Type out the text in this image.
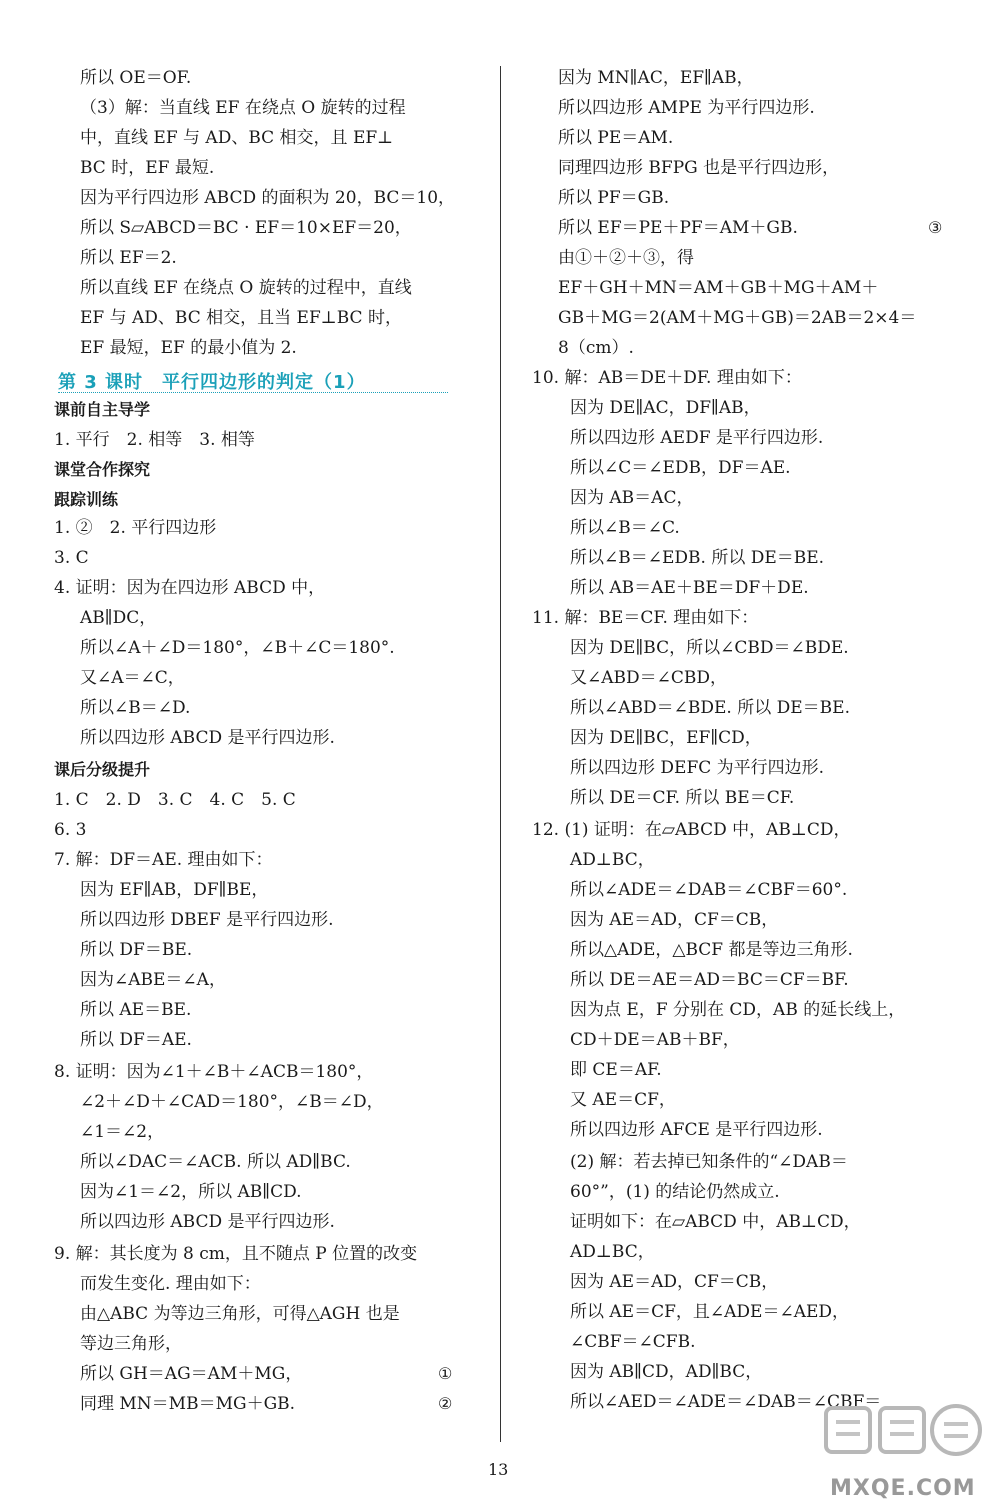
所以 OE＝OF.
（3）解：当直线 EF 在绕点 O 旋转的过程
中，直线 EF 与 AD、BC 相交，且 EF⊥
BC 时，EF 最短.
因为平行四边形 ABCD 的面积为 20，BC＝10，
所以 S▱ABCD＝BC · EF＝10×EF＝20，
所以 EF＝2.
所以直线 EF 在绕点 O 旋转的过程中，直线
EF 与 AD、BC 相交，且当 EF⊥BC 时，
EF 最短，EF 的最小值为 2.
课前自主导学
1. 平行　2. 相等　3. 相等
课堂合作探究
跟踪训练
1. ②　2. 平行四边形
3. C
4. 证明：因为在四边形 ABCD 中，
AB∥DC，
所以∠A＋∠D＝180°，∠B＋∠C＝180°.
又∠A＝∠C，
所以∠B＝∠D.
所以四边形 ABCD 是平行四边形.
课后分级提升
1. C　2. D　3. C　4. C　5. C
6. 3
7. 解：DF＝AE. 理由如下：
因为 EF∥AB，DF∥BE，
所以四边形 DBEF 是平行四边形.
所以 DF＝BE.
因为∠ABE＝∠A，
所以 AE＝BE.
所以 DF＝AE.
8. 证明：因为∠1＋∠B＋∠ACB＝180°，
∠2＋∠D＋∠CAD＝180°，∠B＝∠D，
∠1＝∠2，
所以∠DAC＝∠ACB. 所以 AD∥BC.
因为∠1＝∠2，所以 AB∥CD.
所以四边形 ABCD 是平行四边形.
9. 解：其长度为 8 cm，且不随点 P 位置的改变
而发生变化. 理由如下：
由△ABC 为等边三角形，可得△AGH 也是
等边三角形，
所以 GH＝AG＝AM＋MG，
同理 MN＝MB＝MG＋GB.
①
②
第 3 课时　平行四边形的判定（1）
因为 MN∥AC，EF∥AB，
所以四边形 AMPE 为平行四边形.
所以 PE＝AM.
同理四边形 BFPG 也是平行四边形，
所以 PF＝GB.
所以 EF＝PE＋PF＝AM＋GB.
由①＋②＋③，得
EF＋GH＋MN＝AM＋GB＋MG＋AM＋
GB＋MG＝2(AM＋MG＋GB)＝2AB＝2×4＝
8（cm）.
10. 解：AB＝DE＋DF. 理由如下：
因为 DE∥AC，DF∥AB，
所以四边形 AEDF 是平行四边形.
所以∠C＝∠EDB，DF＝AE.
因为 AB＝AC，
所以∠B＝∠C.
所以∠B＝∠EDB. 所以 DE＝BE.
所以 AB＝AE＋BE＝DF＋DE.
11. 解：BE＝CF. 理由如下：
因为 DE∥BC，所以∠CBD＝∠BDE.
又∠ABD＝∠CBD，
所以∠ABD＝∠BDE. 所以 DE＝BE.
因为 DE∥BC，EF∥CD，
所以四边形 DEFC 为平行四边形.
所以 DE＝CF. 所以 BE＝CF.
12. (1) 证明：在▱ABCD 中，AB⊥CD，
AD⊥BC，
所以∠ADE＝∠DAB＝∠CBF＝60°.
因为 AE＝AD，CF＝CB，
所以△ADE，△BCF 都是等边三角形.
所以 DE＝AE＝AD＝BC＝CF＝BF.
因为点 E，F 分别在 CD，AB 的延长线上，
CD＋DE＝AB＋BF，
即 CE＝AF.
又 AE＝CF，
所以四边形 AFCE 是平行四边形.
(2) 解：若去掉已知条件的“∠DAB＝
60°”，(1) 的结论仍然成立.
证明如下：在▱ABCD 中，AB⊥CD，
AD⊥BC，
因为 AE＝AD，CF＝CB，
所以 AE＝CF，且∠ADE＝∠AED，
∠CBF＝∠CFB.
因为 AB∥CD，AD∥BC，
所以∠AED＝∠ADE＝∠DAB＝∠CBF＝
③
13
MXQE.COM
